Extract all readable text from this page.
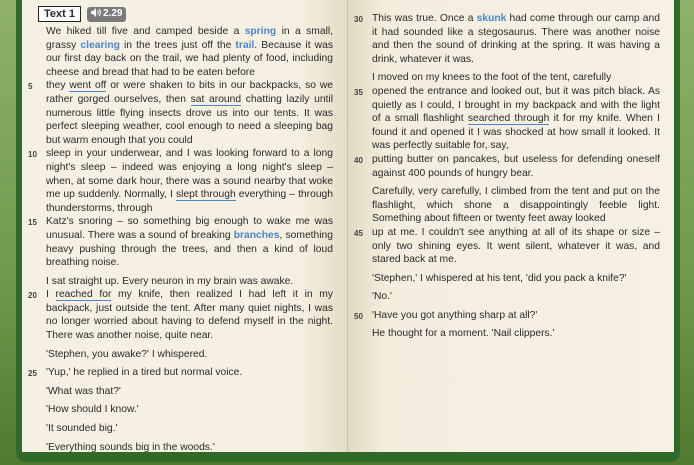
Text 1	2.29

We hiked till five and camped beside a spring in a small, grassy clearing in the trees just off the trail. Because it was our first day back on the trail, we had plenty of food, including cheese and bread that had to be eaten before
5 they went off or were shaken to bits in our backpacks, so we rather gorged ourselves, then sat around chatting lazily until numerous little flying insects drove us into our tents. It was perfect sleeping weather, cool enough to need a sleeping bag but warm enough that you could
10 sleep in your underwear, and I was looking forward to a long night's sleep – indeed was enjoying a long night's sleep – when, at some dark hour, there was a sound nearby that woke me up suddenly. Normally, I slept through everything – through thunderstorms, through
15 Katz's snoring – so something big enough to wake me was unusual. There was a sound of breaking branches, something heavy pushing through the trees, and then a kind of loud breathing noise.

I sat straight up. Every neuron in my brain was awake.
20 I reached for my knife, then realized I had left it in my backpack, just outside the tent. After many quiet nights, I was no longer worried about having to defend myself in the night. There was another noise, quite near.

'Stephen, you awake?' I whispered.
25 'Yup,' he replied in a tired but normal voice.
'What was that?'
'How should I know.'
'It sounded big.'
'Everything sounds big in the woods.'

30 This was true. Once a skunk had come through our camp and it had sounded like a stegosaurus. There was another noise and then the sound of drinking at the spring. It was having a drink, whatever it was.

I moved on my knees to the foot of the tent, carefully
35 opened the entrance and looked out, but it was pitch black. As quietly as I could, I brought in my backpack and with the light of a small flashlight searched through it for my knife. When I found it and opened it I was shocked at how small it looked. It was perfectly suitable for, say,
40 putting butter on pancakes, but useless for defending oneself against 400 pounds of hungry bear.

Carefully, very carefully, I climbed from the tent and put on the flashlight, which shone a disappointingly feeble light. Something about fifteen or twenty feet away looked
45 up at me. I couldn't see anything at all of its shape or size – only two shining eyes. It went silent, whatever it was, and stared back at me.

'Stephen,' I whispered at his tent, 'did you pack a knife?'
'No.'
50 'Have you got anything sharp at all?'
He thought for a moment. 'Nail clippers.'
